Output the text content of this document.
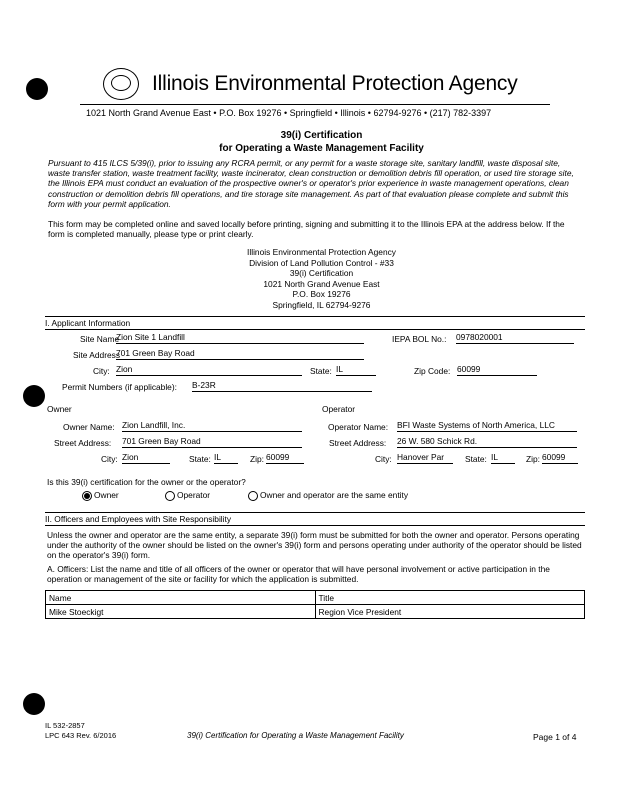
Illinois Environmental Protection Agency
1021 North Grand Avenue East • P.O. Box 19276 • Springfield • Illinois • 62794-9276 • (217) 782-3397
39(i) Certification
for Operating a Waste Management Facility
Pursuant to 415 ILCS 5/39(i), prior to issuing any RCRA permit, or any permit for a waste storage site, sanitary landfill, waste disposal site, waste transfer station, waste treatment facility, waste incinerator, clean construction or demolition debris fill operation, or used tire storage site, the Illinois EPA must conduct an evaluation of the prospective owner's or operator's prior experience in waste management operations, clean construction or demolition debris fill operations, and tire storage site management. As part of that evaluation please complete and submit this form with your permit application.
This form may be completed online and saved locally before printing, signing and submitting it to the Illinois EPA at the address below. If the form is completed manually, please type or print clearly.
Illinois Environmental Protection Agency
Division of Land Pollution Control - #33
39(i) Certification
1021 North Grand Avenue East
P.O. Box 19276
Springfield, IL 62794-9276
I. Applicant Information
Site Name
Zion Site 1 Landfill	IEPA BOL No.: 0978020001
Site Address
701 Green Bay Road
City: Zion	State: IL	Zip Code: 60099
Permit Numbers (if applicable): B-23R
Owner	Operator
Owner Name: Zion Landfill, Inc.	Operator Name: BFI Waste Systems of North America, LLC
Street Address: 701 Green Bay Road	Street Address: 26 W. 580 Schick Rd.
City: Zion	State: IL	Zip: 60099	City: Hanover Par	State: IL	Zip: 60099
Is this 39(i) certification for the owner or the operator?
Owner	Operator	Owner and operator are the same entity
II. Officers and Employees with Site Responsibility
Unless the owner and operator are the same entity, a separate 39(i) form must be submitted for both the owner and operator. Persons operating under the authority of the owner should be listed on the owner's 39(i) form and persons operating under authority of the operator should be listed on the operator's 39(i) form.
A. Officers: List the name and title of all officers of the owner or operator that will have personal involvement or active participation in the operation or management of the site or facility for which the application is submitted.
Name	Title
Mike Stoeckigt	Region Vice President
IL 532-2857
LPC 643 Rev. 6/2016	39(i) Certification for Operating a Waste Management Facility	Page 1 of 4
